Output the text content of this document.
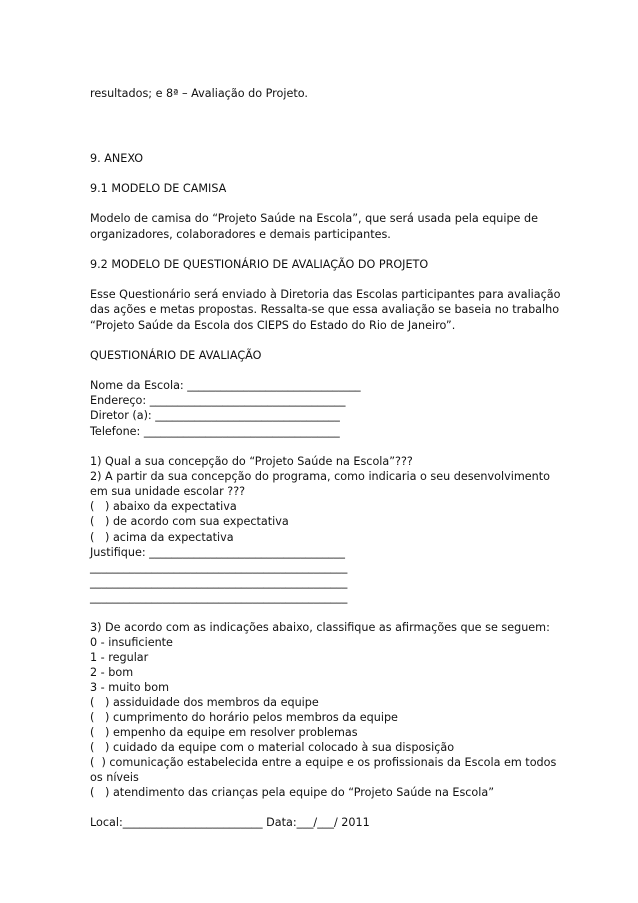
resultados; e 8ª – Avaliação do Projeto.
9. ANEXO
9.1 MODELO DE CAMISA
Modelo de camisa do “Projeto Saúde na Escola”, que será usada pela equipe de
organizadores, colaboradores e demais participantes.
9.2 MODELO DE QUESTIONÁRIO DE AVALIAÇÃO DO PROJETO
Esse Questionário será enviado à Diretoria das Escolas participantes para avaliação
das ações e metas propostas. Ressalta-se que essa avaliação se baseia no trabalho
“Projeto Saúde da Escola dos CIEPS do Estado do Rio de Janeiro”.
QUESTIONÁRIO DE AVALIAÇÃO
Nome da Escola: _______________________________
Endereço: ___________________________________
Diretor (a): _________________________________
Telefone: ___________________________________
1) Qual a sua concepção do “Projeto Saúde na Escola”???
2) A partir da sua concepção do programa, como indicaria o seu desenvolvimento
em sua unidade escolar ???
(   ) abaixo da expectativa
(   ) de acordo com sua expectativa
(   ) acima da expectativa
Justifique: ___________________________________
______________________________________________
______________________________________________
______________________________________________
3) De acordo com as indicações abaixo, classifique as afirmações que se seguem:
0 - insuficiente
1 - regular
2 - bom
3 - muito bom
(   ) assiduidade dos membros da equipe
(   ) cumprimento do horário pelos membros da equipe
(   ) empenho da equipe em resolver problemas
(   ) cuidado da equipe com o material colocado à sua disposição
(  ) comunicação estabelecida entre a equipe e os profissionais da Escola em todos
os níveis
(   ) atendimento das crianças pela equipe do “Projeto Saúde na Escola”
Local:_________________________ Data:___/___/ 2011
